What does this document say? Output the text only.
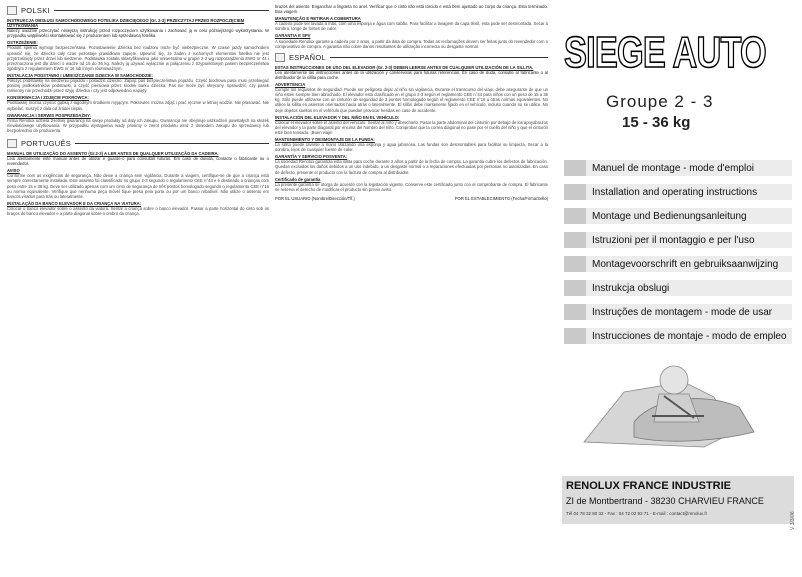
POLSKI
INSTRUKCJA OBSŁUGI SAMOCHODOWEGO FOTELIKA DZIECIĘCEGO (Gr. 2-3) PRZECZYTAJ PRZED ROZPOCZĘCIEM UŻYTKOWANIA
Należy uważnie przeczytać niniejszą instrukcję przed rozpoczęciem użytkowania i zachować ją w celu późniejszego wykorzystania. W przypadku wątpliwości skontaktować się z producentem lub sprzedawcą fotelika.
OSTRZEŻENIE:
Produkt spełnia wymogi bezpieczeństwa. Pozostawienie dziecka bez nadzoru może być niebezpieczne. W czasie jazdy samochodem upewnić się, że dziecko cały czas pozostaje prawidłowo zapięte. Upewnić się, że żaden z ruchomych elementów fotelika nie jest przytrzaśnięty przez drzwi lub siedzenie. Podstawka została sklasyfikowana jako uniwersalna w grupie 2-3 wg rozporządzenia EWG nr 44 i przeznaczona jest dla dzieci o wadze od 15 do 36 kg. Należy ją używać wyłącznie w połączeniu z trzypunktowym pasem bezpieczeństwa zgodnym z regulaminem EWG nr 16 lub innym równoważnym.
INSTALACJA PODSTAWKI I UMIESZCZANIE DZIECKA W SAMOCHODZIE:
Położyć podstawkę na siedzeniu pojazdu i posadzić dziecko. Zapiąć pas bezpieczeństwa pojazdu. Część biodrowa pasa musi przebiegać poniżej podłokietników podstawki, a część piersiowa przez środek barku dziecka. Pas nie może być skręcony. Sprawdzić, czy pasek ramienny nie przechodzi przez szyję dziecka i czy jest odpowiednio napięty.
KONSERWACJA I ZDJĘCIE POKROWCA:
Podstawkę można czyścić gąbką z łagodnym środkiem myjącym. Pokrowiec można zdjąć i prać ręcznie w letniej wodzie. Nie prasować. Nie wybielać. Suszyć z dala od źródeł ciepła.
GWARANCJA I SERWIS POSPRZEDAŻNY:
Firma Renolux udziela 2-letniej gwarancji na swoje produkty od daty ich zakupu. Gwarancja nie obejmuje uszkodzeń powstałych na skutek niewłaściwego użytkowania. W przypadku wystąpienia wady prosimy o zwrot produktu wraz z dowodem zakupu do sprzedawcy lub bezpośrednio do producenta.
PORTUGUÊS
MANUAL DE UTILIZAÇÃO DO ASSENTO (Gr.2-3) A LER ANTES DE QUALQUER UTILIZAÇÃO DA CADEIRA.
Leia atentamente este manual antes de utilizar e guarde-o para consultas futuras. Em caso de dúvida, contacte o fabricante ou o revendedor.
AVISO
Conforme com as exigências de segurança. Não deixe a criança sem vigilância. Durante a viagem, certifique-se de que a criança está sempre correctamente instalada. Este assento foi classificado no grupo 2-3 segundo o regulamento CEE n°44 e é destinado a crianças com peso entre 15 e 36 kg. Deve ser utilizado apenas com um cinto de segurança de três pontos homologado segundo o regulamento CEE n°16 ou norma equivalente. Verifique que nenhuma peça móvel fique presa pela porta ou por um banco rebatível. Não utilize o assento em bancos virados para trás ou lateralmente.
INSTALAÇÃO DA BANCO ELEVADOR E DA CRIANÇA NA VIATURA:
Colocar o banco elevador sobre o assento da viatura. Sentar a criança sobre o banco elevador. Passar a parte horizontal do cinto sob os braços do banco elevador e a parte diagonal sobre o ombro da criança.
brazos del asiento. Enganchar a lingüeta no anel. Verificar que o cinto não está torcido e está bem ajustado ao corpo da criança. Esta terminado. Boa viagem.
MANUTENÇÃO E RETIRAR A COBERTURA
A cadeira pode ser lavada à mão, com uma esponja e água com sabão. Para facilitar a lavagem da capa têxtil, esta pode ser desmontada. Secar à sombra, longe de fontes de calor.
GARANTIA E SPV
A sociedade Renolux garante a cadeira por 2 anos, a partir da data de compra. Todas as reclamações devem ser feitas junto do revendedor com o comprovativo de compra. A garantia não cobre danos resultantes de utilização incorrecta ou desgaste normal.
ESPAÑOL
ESTAS INSTRUCCIONES DE USO DEL ELEVADOR (Gr. 2-3) DEBEN LEERSE ANTES DE CUALQUIER UTILIZACIÓN DE LA SILLITA.
Lea atentamente las instrucciones antes de la utilización y consérvelas para futuras referencias. En caso de duda, consulte al fabricante o al distribuidor de la sillita para coche.
ADVERTENCIA
Cumple los requisitos de seguridad. Puede ser peligroso dejar al niño sin vigilancia. Durante el transcurso del viaje, debe asegurarse de que un niño estén siempre bien abrochado. El elevador está clasificado en el grupo 2-3 según el reglamento CEE n°44 para niños con un peso de 15 a 36 kg. Sólo puede utilizarse con un cinturón de seguridad de 3 puntos homologado según el reglamento CEE n°16 u otras normas equivalentes. No utilice la sillita en asientos orientados hacia atrás o lateralmente. El sillón debe mantenerse fijado en el vehículo, incluso cuando no se utilice. No deje objetos sueltos en el vehículo que puedan provocar heridas en caso de accidente.
INSTALACIÓN DEL ELEVADOR Y DEL NIÑO EN EL VEHÍCULO:
Colocar el elevador sobre el asiento del vehículo. Sentar al niño y abrocharlo. Pasar la parte abdominal del cinturón por debajo de los apoyabrazos del elevador y la parte diagonal por encima del hombro del niño. Comprobar que la correa diagonal no pase por el cuello del niño y que el cinturón esté bien tensado. ¡Buen viaje!
MANTENIMIENTO Y DESMONTAJE DE LA FUNDA:
La sillita puede lavarse a mano utilizando una esponja y agua jabonosa. Las fundas son desmontables para facilitar su limpieza. Secar a la sombra, lejos de cualquier fuente de calor.
GARANTÍA Y SERVICIO POSVENTA:
La sociedad Renolux garantiza esta sillita para coche durante 2 años a partir de la fecha de compra. La garantía cubre los defectos de fabricación. Quedan excluidos los daños debidos a un uso indebido, a un desgaste normal o a reparaciones efectuadas por personas no autorizadas. En caso de defecto, presente el producto con la factura de compra al distribuidor.
Certificado de garantía
La presente garantía se otorga de acuerdo con la legislación vigente. Conserve este certificado junto con el comprobante de compra. El fabricante se reserva el derecho de modificar el producto sin previo aviso.
POR EL USUARIO (Nombre/Dirección/Tlf.)	POR EL ESTABLECIMIENTO (Fecha/Firma/Sello)
SIEGE AUTO
Groupe 2 - 3
15 - 36 kg
Manuel de montage - mode d'emploi
Installation and operating instructions
Montage und Bedienungsanleitung
Istruzioni per il montaggio e per l'uso
Montagevoorschrift en gebruiksaanwijzing
Instrukcja obslugi
Instruções de montagem - mode de usar
Instrucciones de montaje - modo de empleo
RENOLUX FRANCE INDUSTRIE
ZI de Montbertrand - 38230 CHARVIEU FRANCE
Tél 04 78 32 80 32 - Fax : 04 72 02 93 71 - E-mail : contact@renolux.fr	V 3/3/06
